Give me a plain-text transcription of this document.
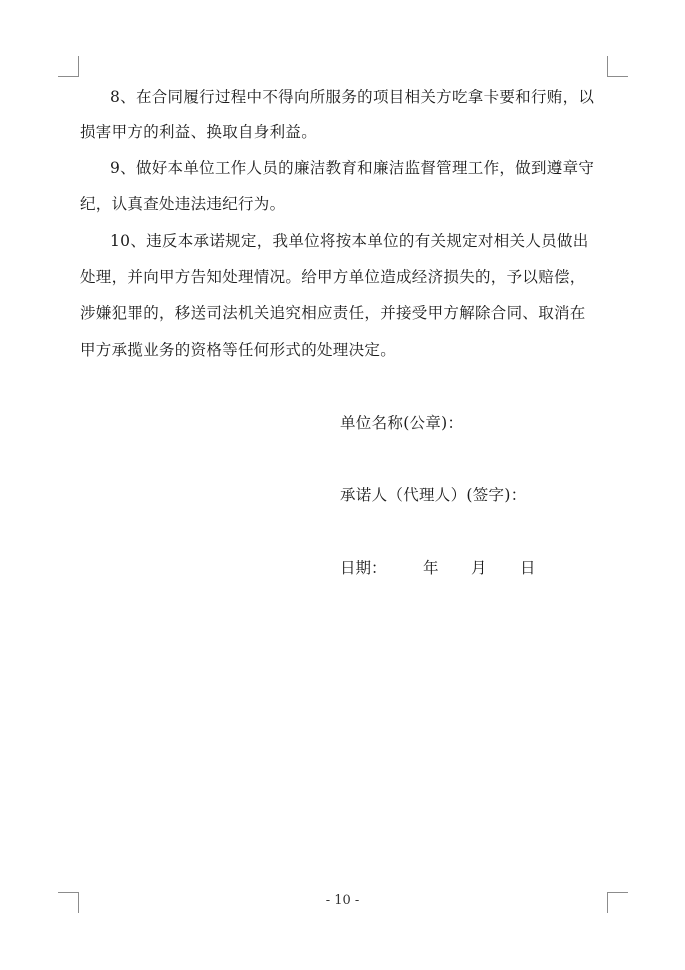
8、在合同履行过程中不得向所服务的项目相关方吃拿卡要和行贿，以
损害甲方的利益、换取自身利益。
9、做好本单位工作人员的廉洁教育和廉洁监督管理工作，做到遵章守
纪，认真查处违法违纪行为。
10、违反本承诺规定，我单位将按本单位的有关规定对相关人员做出
处理，并向甲方告知处理情况。给甲方单位造成经济损失的，予以赔偿，
涉嫌犯罪的，移送司法机关追究相应责任，并接受甲方解除合同、取消在
甲方承揽业务的资格等任何形式的处理决定。
单位名称(公章)：
承诺人（代理人）(签字)：
日期： 年 月 日
- 10 -
